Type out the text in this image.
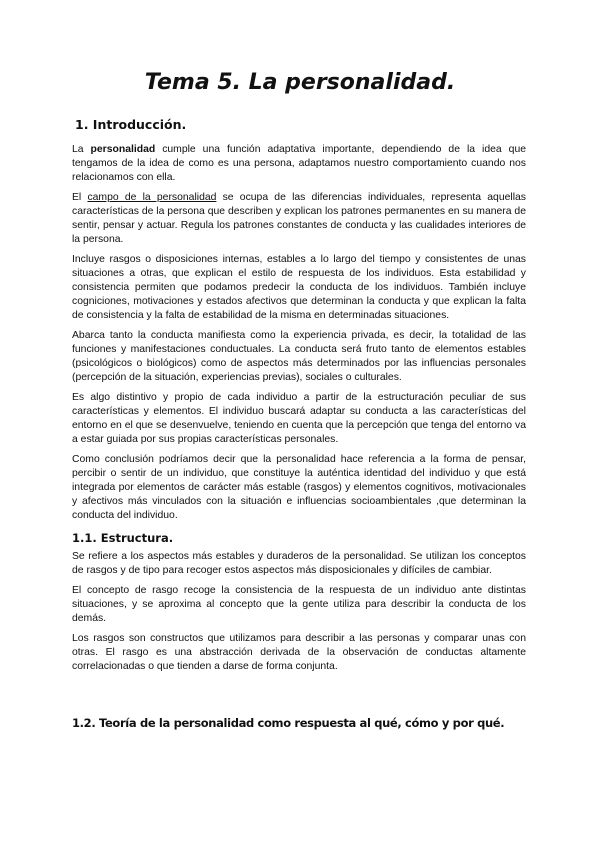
Tema 5. La personalidad.
1. Introducción.

La personalidad cumple una función adaptativa importante, dependiendo de la idea que tengamos de la idea de como es una persona, adaptamos nuestro comportamiento cuando nos relacionamos con ella.

El campo de la personalidad se ocupa de las diferencias individuales, representa aquellas características de la persona que describen y explican los patrones permanentes en su manera de sentir, pensar y actuar. Regula los patrones constantes de conducta y las cualidades interiores de la persona.

Incluye rasgos o disposiciones internas, estables a lo largo del tiempo y consistentes de unas situaciones a otras, que explican el estilo de respuesta de los individuos. Esta estabilidad y consistencia permiten que podamos predecir la conducta de los individuos. También incluye cogniciones, motivaciones y estados afectivos que determinan la conducta y que explican la falta de consistencia y la falta de estabilidad de la misma en determinadas situaciones.

Abarca tanto la conducta manifiesta como la experiencia privada, es decir, la totalidad de las funciones y manifestaciones conductuales. La conducta será fruto tanto de elementos estables (psicológicos o biológicos) como de aspectos más determinados por las influencias personales (percepción de la situación, experiencias previas), sociales o culturales.

Es algo distintivo y propio de cada individuo a partir de la estructuración peculiar de sus características y elementos. El individuo buscará adaptar su conducta a las características del entorno en el que se desenvuelve, teniendo en cuenta que la percepción que tenga del entorno va a estar guiada por sus propias características personales.

Como conclusión podríamos decir que la personalidad hace referencia a la forma de pensar, percibir o sentir de un individuo, que constituye la auténtica identidad del individuo y que está integrada por elementos de carácter más estable (rasgos) y elementos cognitivos, motivacionales y afectivos más vinculados con la situación e influencias socioambientales ,que determinan la conducta del individuo.

1.1. Estructura.

Se refiere a los aspectos más estables y duraderos de la personalidad. Se utilizan los conceptos de rasgos y de tipo para recoger estos aspectos más disposicionales y difíciles de cambiar.

El concepto de rasgo recoge la consistencia de la respuesta de un individuo ante distintas situaciones, y se aproxima al concepto que la gente utiliza para describir la conducta de los demás.

Los rasgos son constructos que utilizamos para describir a las personas y comparar unas con otras. El rasgo es una abstracción derivada de la observación de conductas altamente correlacionadas o que tienden a darse de forma conjunta.

1.2. Teoría de la personalidad como respuesta al qué, cómo y por qué.
